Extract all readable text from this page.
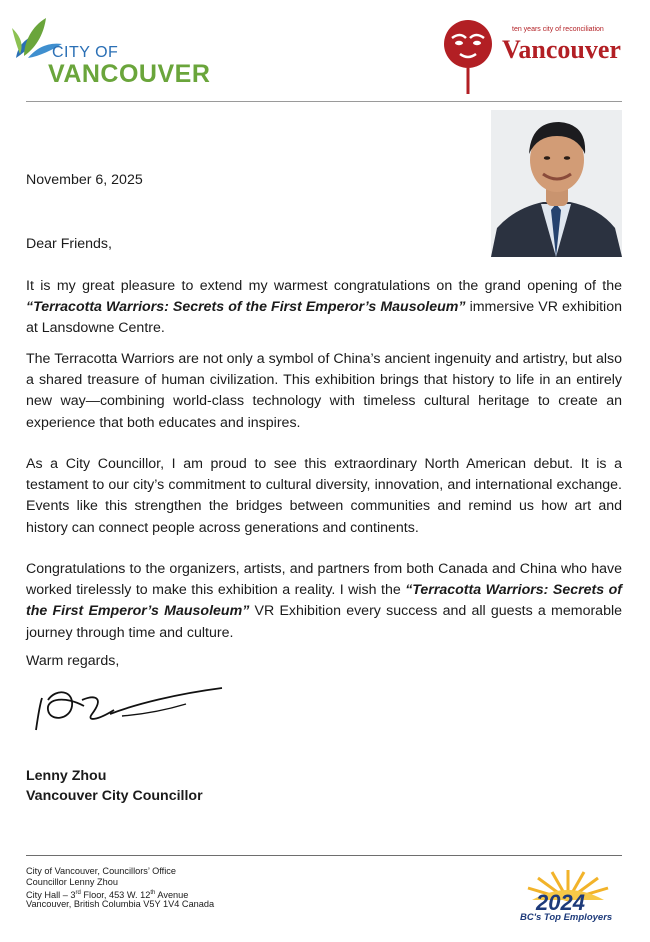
CITY OF
VANCOUVER
ten years city of reconciliation
Vancouver
November 6, 2025
Dear Friends,
It is my great pleasure to extend my warmest congratulations on the grand opening of the “Terracotta Warriors: Secrets of the First Emperor’s Mausoleum” immersive VR exhibition at Lansdowne Centre.
The Terracotta Warriors are not only a symbol of China’s ancient ingenuity and artistry, but also a shared treasure of human civilization. This exhibition brings that history to life in an entirely new way—combining world-class technology with timeless cultural heritage to create an experience that both educates and inspires.
As a City Councillor, I am proud to see this extraordinary North American debut. It is a testament to our city’s commitment to cultural diversity, innovation, and international exchange. Events like this strengthen the bridges between communities and remind us how art and history can connect people across generations and continents.
Congratulations to the organizers, artists, and partners from both Canada and China who have worked tirelessly to make this exhibition a reality. I wish the “Terracotta Warriors: Secrets of the First Emperor’s Mausoleum” VR Exhibition every success and all guests a memorable journey through time and culture.
Warm regards,
Lenny Zhou
Vancouver City Councillor
City of Vancouver, Councillors’ Office
Councillor Lenny Zhou
City Hall – 3rd Floor, 453 W. 12th Avenue
Vancouver, British Columbia V5Y 1V4 Canada	2024
BC's Top Employers
